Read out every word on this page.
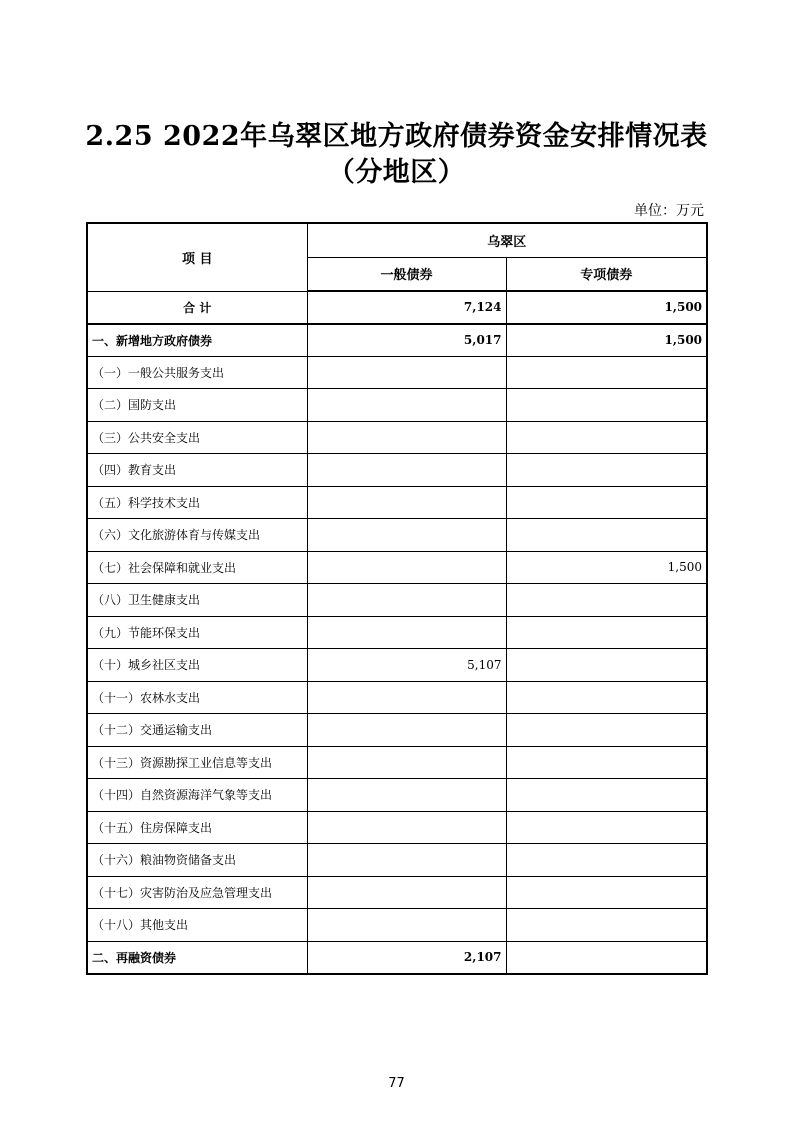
2.25 2022年乌翠区地方政府债券资金安排情况表
（分地区）
单位：万元
项 目	乌翠区	
	一般债券	专项债券
合 计	7,124	1,500
一、新增地方政府债券	5,017	1,500
（一）一般公共服务支出		
（二）国防支出		
（三）公共安全支出		
（四）教育支出		
（五）科学技术支出		
（六）文化旅游体育与传媒支出		
（七）社会保障和就业支出		1,500
（八）卫生健康支出		
（九）节能环保支出		
（十）城乡社区支出	5,107	
（十一）农林水支出		
（十二）交通运输支出		
（十三）资源勘探工业信息等支出		
（十四）自然资源海洋气象等支出		
（十五）住房保障支出		
（十六）粮油物资储备支出		
（十七）灾害防治及应急管理支出		
（十八）其他支出		
二、再融资债券	2,107	
77
